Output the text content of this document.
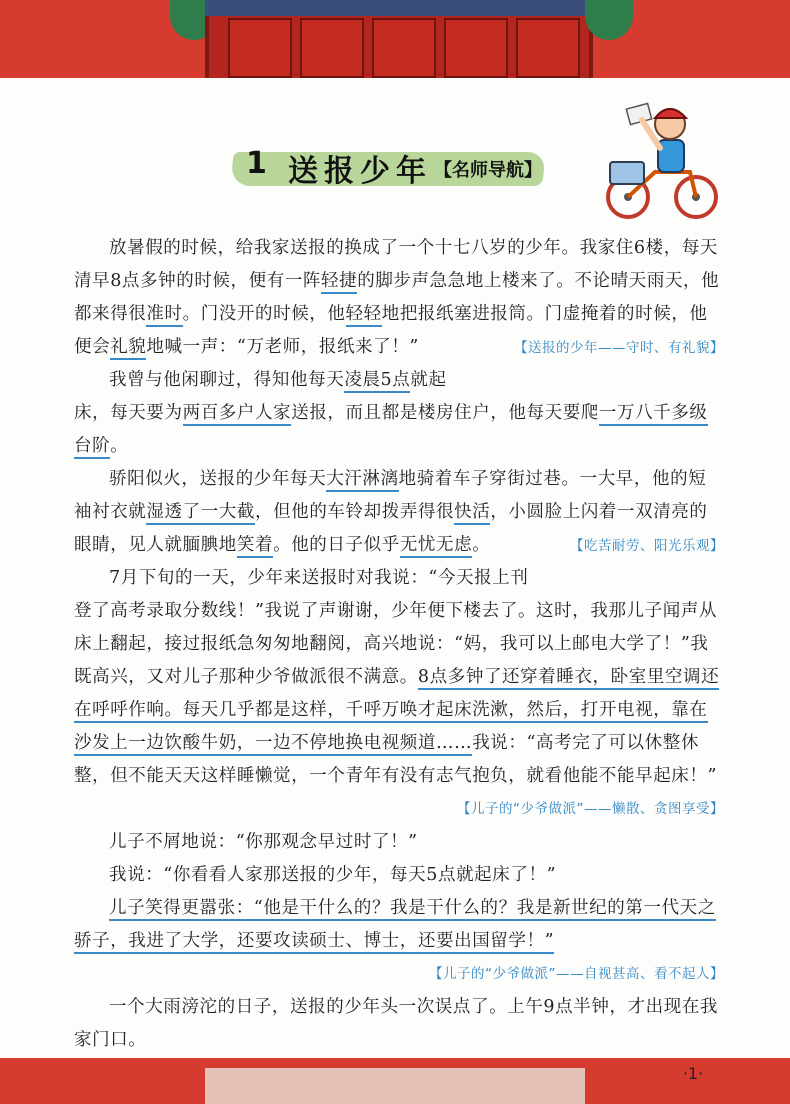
1 送报少年 【名师导航】

放暑假的时候，给我家送报的换成了一个十七八岁的少年。我家住6楼，每天清早8点多钟的时候，便有一阵轻捷的脚步声急急地上楼来了。不论晴天雨天，他都来得很准时。门没开的时候，他轻轻地把报纸塞进报筒。门虚掩着的时候，他便会礼貌地喊一声：“万老师，报纸来了！”	【送报的少年——守时、有礼貌】

我曾与他闲聊过，得知他每天凌晨5点就起床，每天要为两百多户人家送报，而且都是楼房住户，他每天要爬一万八千多级台阶。

骄阳似火，送报的少年每天大汗淋漓地骑着车子穿街过巷。一大早，他的短袖衬衣就湿透了一大截，但他的车铃却拨弄得很快活，小圆脸上闪着一双清亮的眼睛，见人就腼腆地笑着。他的日子似乎无忧无虑。	【吃苦耐劳、阳光乐观】

7月下旬的一天，少年来送报时对我说：“今天报上刊登了高考录取分数线！”我说了声谢谢，少年便下楼去了。这时，我那儿子闻声从床上翻起，接过报纸急匆匆地翻阅，高兴地说：“妈，我可以上邮电大学了！”我既高兴，又对儿子那种少爷做派很不满意。8点多钟了还穿着睡衣，卧室里空调还在呼呼作响。每天几乎都是这样，千呼万唤才起床洗漱，然后，打开电视，靠在沙发上一边饮酸牛奶，一边不停地换电视频道……我说：“高考完了可以休整休整，但不能天天这样睡懒觉，一个青年有没有志气抱负，就看他能不能早起床！”

【儿子的“少爷做派”——懒散、贪图享受】

儿子不屑地说：“你那观念早过时了！”

我说：“你看看人家那送报的少年，每天5点就起床了！”

儿子笑得更嚣张：“他是干什么的？我是干什么的？我是新世纪的第一代天之骄子，我进了大学，还要攻读硕士、博士，还要出国留学！”

【儿子的“少爷做派”——自视甚高、看不起人】

一个大雨滂沱的日子，送报的少年头一次误点了。上午9点半钟，才出现在我家门口。

·1·
